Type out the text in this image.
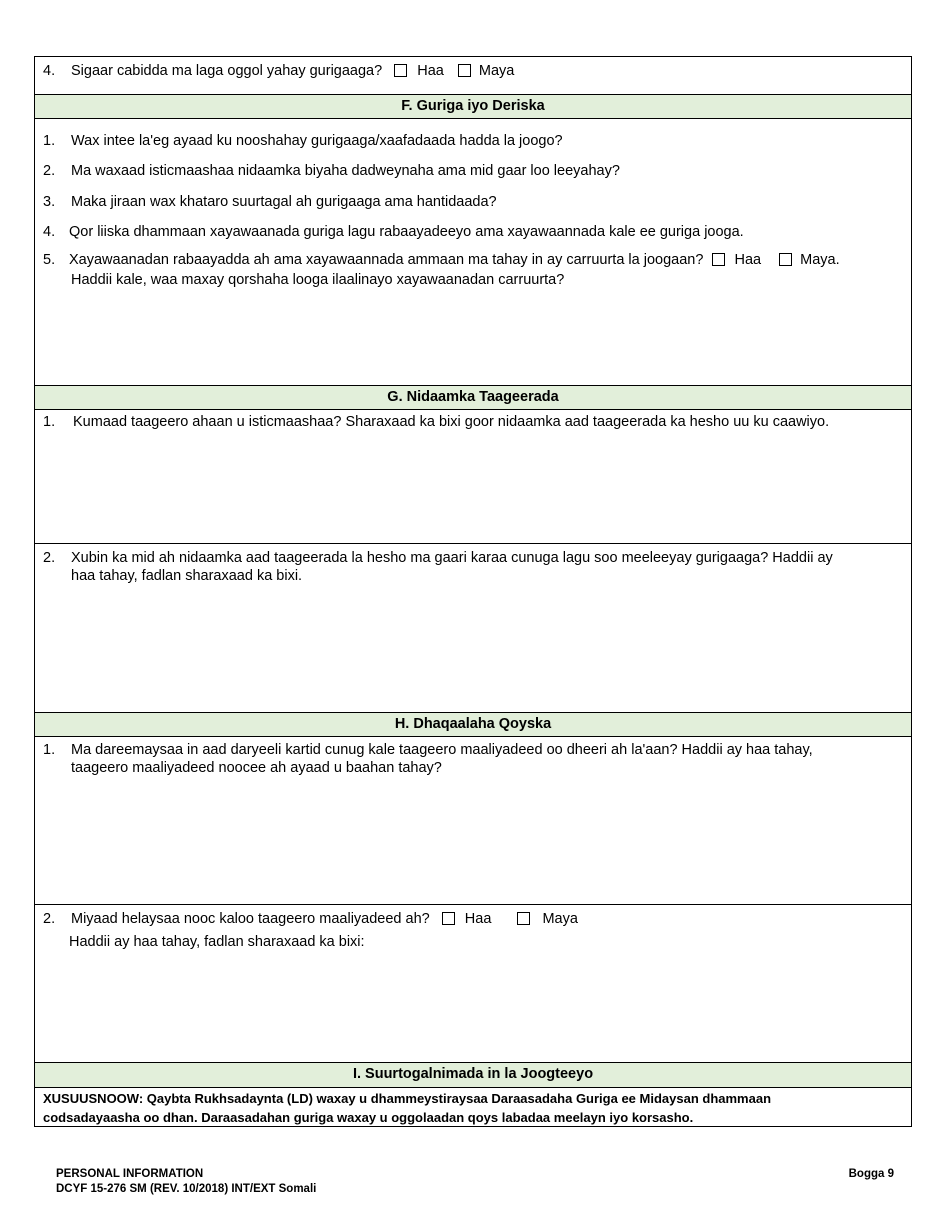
4. Sigaar cabidda ma laga oggol yahay gurigaaga? Haa Maya
F. Guriga iyo Deriska
1. Wax intee la'eg ayaad ku nooshahay gurigaaga/xaafadaada hadda la joogo?
2. Ma waxaad isticmaashaa nidaamka biyaha dadweynaha ama mid gaar loo leeyahay?
3. Maka jiraan wax khataro suurtagal ah gurigaaga ama hantidaada?
4. Qor liiska dhammaan xayawaanada guriga lagu rabaayadeeyo ama xayawaannada kale ee guriga jooga.
5. Xayawaanadan rabaayadda ah ama xayawaannada ammaan ma tahay in ay carruurta la joogaan? Haa	Maya.
Haddii kale, waa maxay qorshaha looga ilaalinayo xayawaanadan carruurta?
G. Nidaamka Taageerada
1. Kumaad taageero ahaan u isticmaashaa? Sharaxaad ka bixi goor nidaamka aad taageerada ka hesho uu ku caawiyo.
2. Xubin ka mid ah nidaamka aad taageerada la hesho ma gaari karaa cunuga lagu soo meeleeyay gurigaaga? Haddii ay
haa tahay, fadlan sharaxaad ka bixi.
H. Dhaqaalaha Qoyska
1. Ma dareemaysaa in aad daryeeli kartid cunug kale taageero maaliyadeed oo dheeri ah la'aan? Haddii ay haa tahay,
taageero maaliyadeed noocee ah ayaad u baahan tahay?
2. Miyaad helaysaa nooc kaloo taageero maaliyadeed ah? Haa	Maya
Haddii ay haa tahay, fadlan sharaxaad ka bixi:
I. Suurtogalnimada in la Joogteeyo
XUSUUSNOOW: Qaybta Rukhsadaynta (LD) waxay u dhammeystiraysaa Daraasadaha Guriga ee Midaysan dhammaan
codsadayaasha oo dhan. Daraasadahan guriga waxay u oggolaadan qoys labadaa meelayn iyo korsasho.
PERSONAL INFORMATION
DCYF 15-276 SM (REV. 10/2018) INT/EXT Somali
Bogga 9
